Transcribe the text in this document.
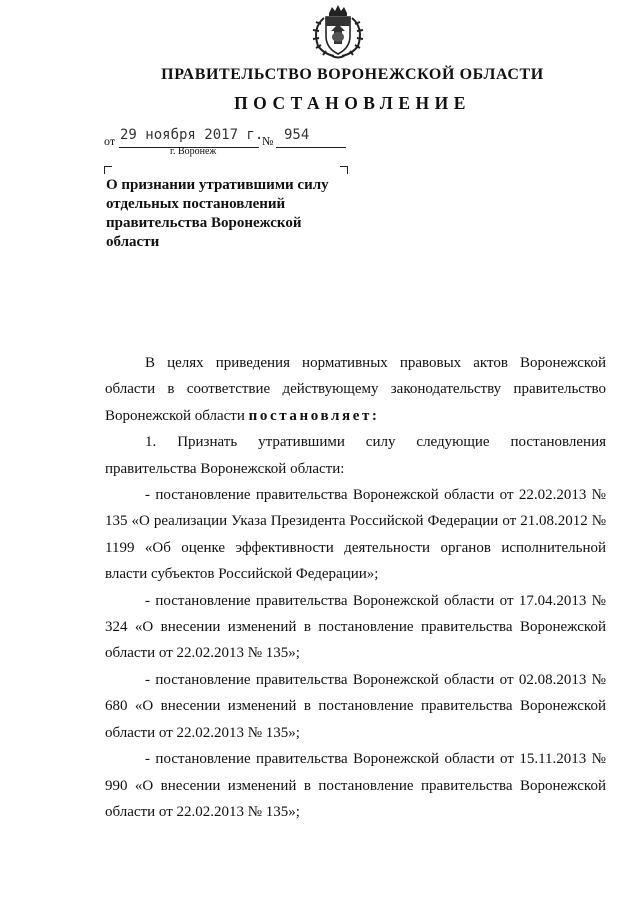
ПРАВИТЕЛЬСТВО ВОРОНЕЖСКОЙ ОБЛАСТИ
ПОСТАНОВЛЕНИЕ
от 29 ноября 2017 г.
№ 954
г. Воронеж
О признании утратившими силу отдельных постановлений правительства Воронежской области

В целях приведения нормативных правовых актов Воронежской области в соответствие действующему законодательству правительство Воронежской области постановляет:

1. Признать утратившими силу следующие постановления правительства Воронежской области:

- постановление правительства Воронежской области от 22.02.2013 № 135 «О реализации Указа Президента Российской Федерации от 21.08.2012 № 1199 «Об оценке эффективности деятельности органов исполнительной власти субъектов Российской Федерации»;

- постановление правительства Воронежской области от 17.04.2013 № 324 «О внесении изменений в постановление правительства Воронежской области от 22.02.2013 № 135»;

- постановление правительства Воронежской области от 02.08.2013 № 680 «О внесении изменений в постановление правительства Воронежской области от 22.02.2013 № 135»;

- постановление правительства Воронежской области от 15.11.2013 № 990 «О внесении изменений в постановление правительства Воронежской области от 22.02.2013 № 135»;
